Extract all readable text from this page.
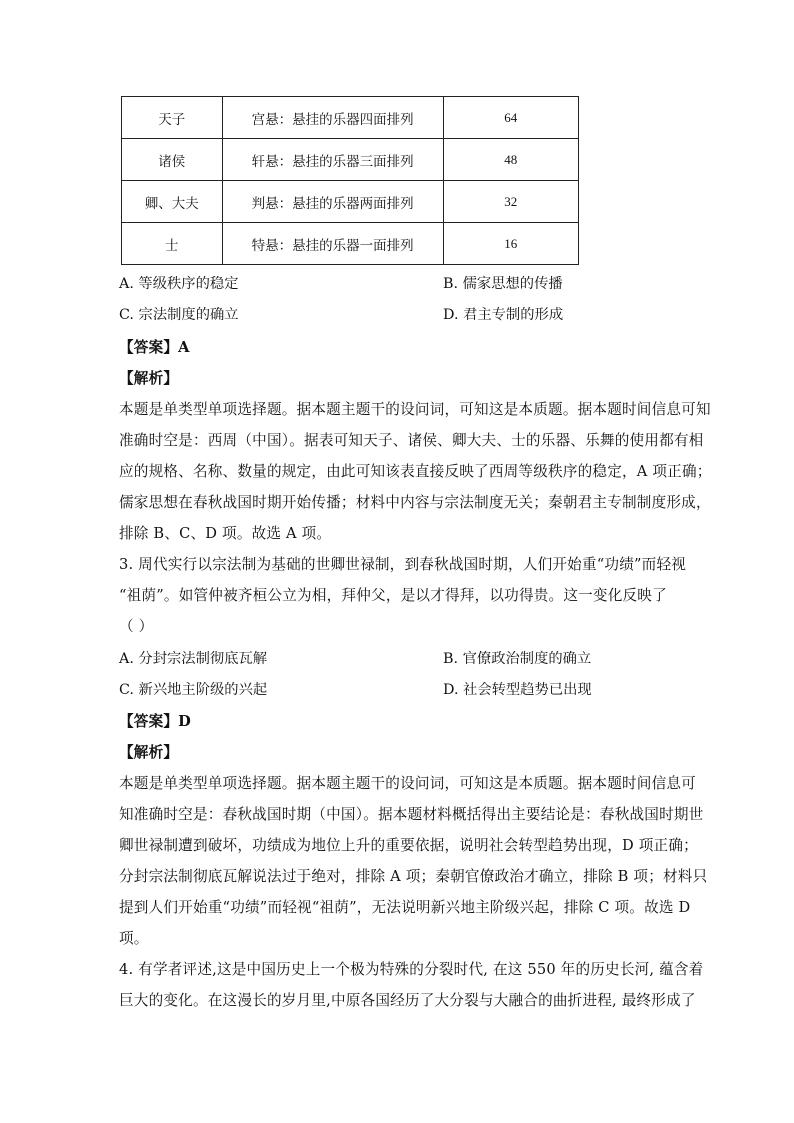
天子	宫悬：悬挂的乐器四面排列	64
诸侯	轩悬：悬挂的乐器三面排列	48
卿、大夫	判悬：悬挂的乐器两面排列	32
士	特悬：悬挂的乐器一面排列	16
A. 等级秩序的稳定	B. 儒家思想的传播
C. 宗法制度的确立	D. 君主专制的形成
【答案】A
【解析】
本题是单类型单项选择题。据本题主题干的设问词，可知这是本质题。据本题时间信息可知
准确时空是：西周（中国）。据表可知天子、诸侯、卿大夫、士的乐器、乐舞的使用都有相
应的规格、名称、数量的规定，由此可知该表直接反映了西周等级秩序的稳定，A 项正确；
儒家思想在春秋战国时期开始传播；材料中内容与宗法制度无关；秦朝君主专制制度形成，
排除 B、C、D 项。故选 A 项。
3. 周代实行以宗法制为基础的世卿世禄制，到春秋战国时期，人们开始重“功绩”而轻视
“祖荫”。如管仲被齐桓公立为相，拜仲父，是以才得拜，以功得贵。这一变化反映了
（ ）
A. 分封宗法制彻底瓦解	B. 官僚政治制度的确立
C. 新兴地主阶级的兴起	D. 社会转型趋势已出现
【答案】D
【解析】
本题是单类型单项选择题。据本题主题干的设问词，可知这是本质题。据本题时间信息可
知准确时空是：春秋战国时期（中国）。据本题材料概括得出主要结论是：春秋战国时期世
卿世禄制遭到破坏，功绩成为地位上升的重要依据，说明社会转型趋势出现，D 项正确；
分封宗法制彻底瓦解说法过于绝对，排除 A 项；秦朝官僚政治才确立，排除 B 项；材料只
提到人们开始重“功绩”而轻视“祖荫”，无法说明新兴地主阶级兴起，排除 C 项。故选 D
项。
4. 有学者评述,这是中国历史上一个极为特殊的分裂时代, 在这 550 年的历史长河, 蕴含着
巨大的变化。在这漫长的岁月里,中原各国经历了大分裂与大融合的曲折进程, 最终形成了
